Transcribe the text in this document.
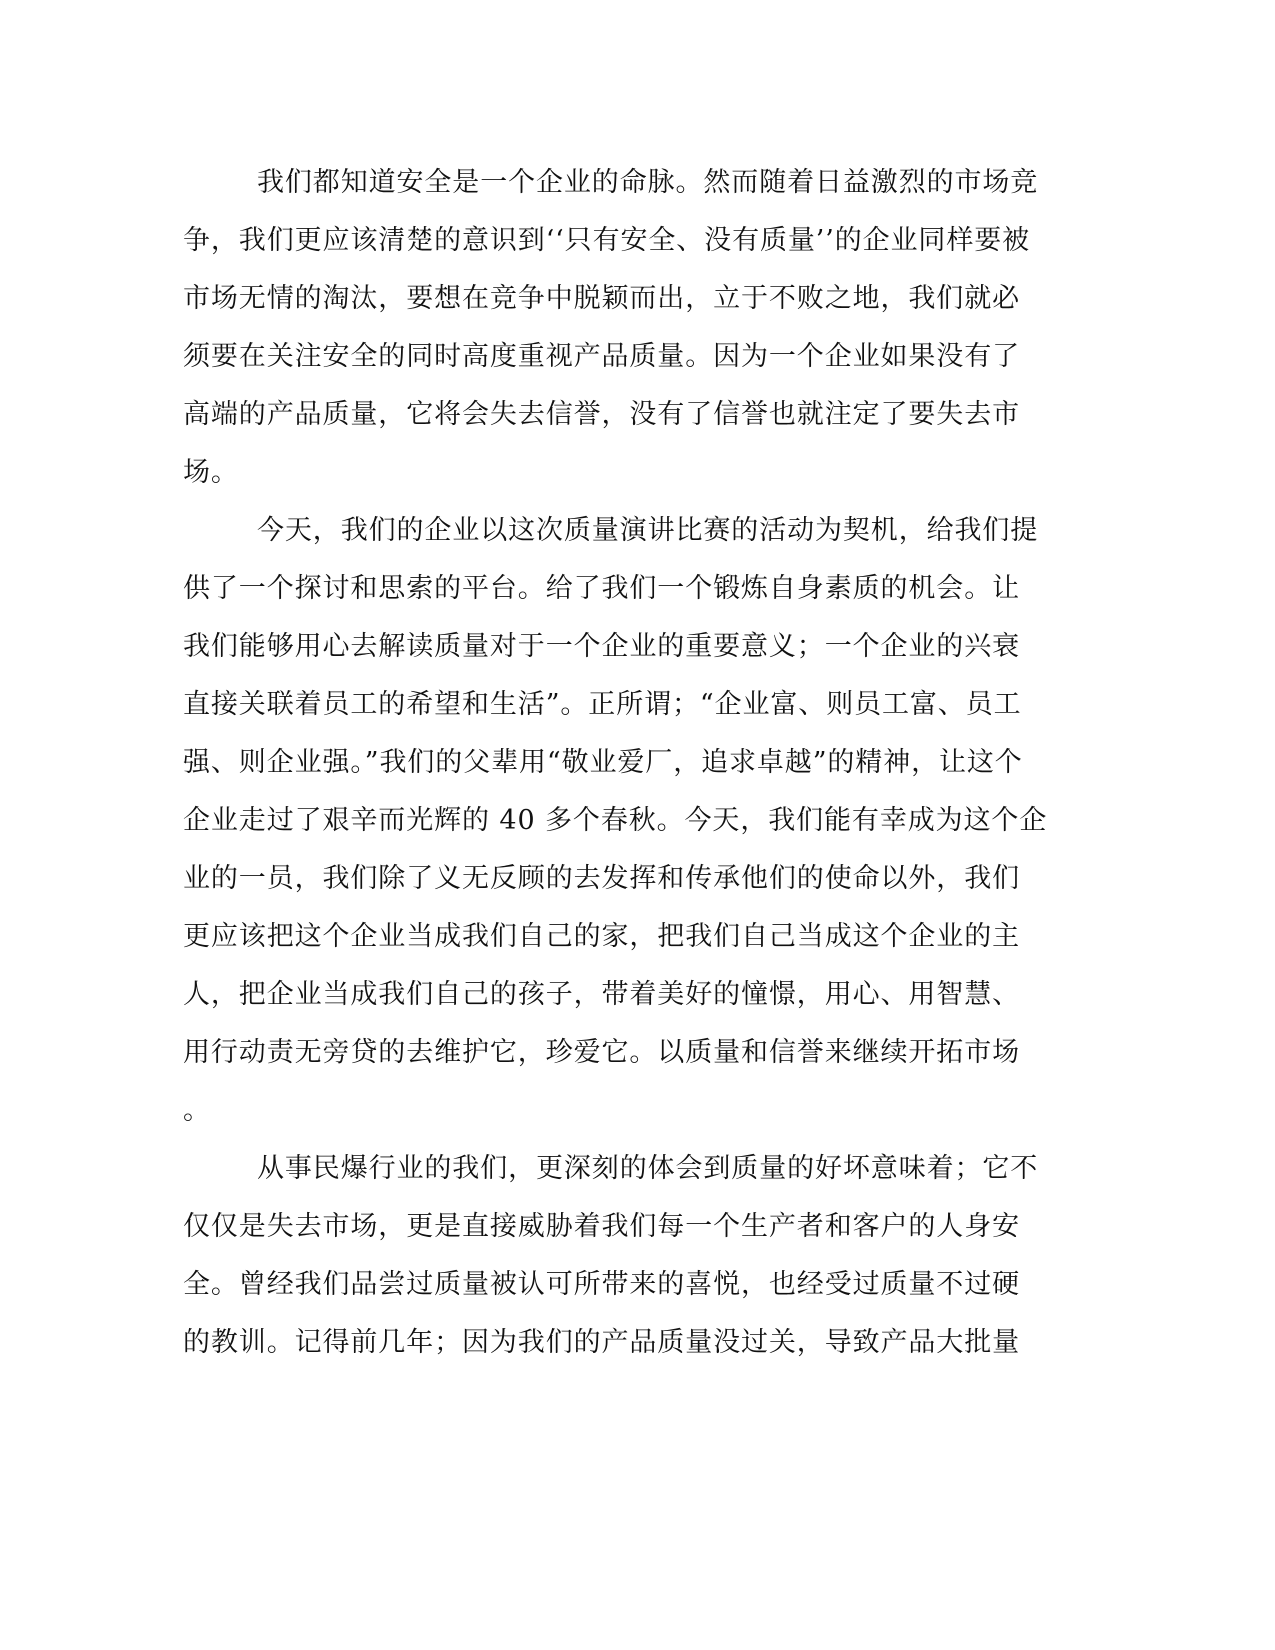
我们都知道安全是一个企业的命脉。然而随着日益激烈的市场竞
争，我们更应该清楚的意识到‘‘只有安全、没有质量’’的企业同样要被
市场无情的淘汰，要想在竞争中脱颖而出，立于不败之地，我们就必
须要在关注安全的同时高度重视产品质量。因为一个企业如果没有了
高端的产品质量，它将会失去信誉，没有了信誉也就注定了要失去市
场。
今天，我们的企业以这次质量演讲比赛的活动为契机，给我们提
供了一个探讨和思索的平台。给了我们一个锻炼自身素质的机会。让
我们能够用心去解读质量对于一个企业的重要意义；一个企业的兴衰
直接关联着员工的希望和生活”。正所谓；“企业富、则员工富、员工
强、则企业强。”我们的父辈用“敬业爱厂，追求卓越”的精神，让这个
企业走过了艰辛而光辉的 40 多个春秋。今天，我们能有幸成为这个企
业的一员，我们除了义无反顾的去发挥和传承他们的使命以外，我们
更应该把这个企业当成我们自己的家，把我们自己当成这个企业的主
人，把企业当成我们自己的孩子，带着美好的憧憬，用心、用智慧、
用行动责无旁贷的去维护它，珍爱它。以质量和信誉来继续开拓市场
。
从事民爆行业的我们，更深刻的体会到质量的好坏意味着；它不
仅仅是失去市场，更是直接威胁着我们每一个生产者和客户的人身安
全。曾经我们品尝过质量被认可所带来的喜悦，也经受过质量不过硬
的教训。记得前几年；因为我们的产品质量没过关，导致产品大批量
